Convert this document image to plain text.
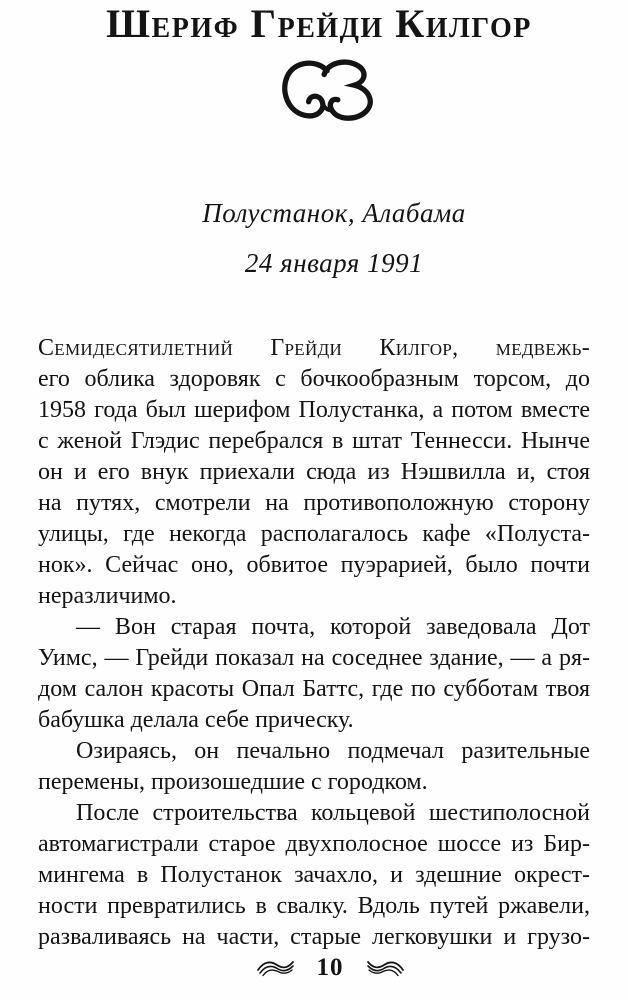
Шериф Грейди Килгор
Полустанок, Алабама
24 января 1991
Семидесятилетний Грейди Килгор, медвежь-
его облика здоровяк с бочкообразным торсом, до
1958 года был шерифом Полустанка, а потом вместе
с женой Глэдис перебрался в штат Теннесси. Нынче
он и его внук приехали сюда из Нэшвилла и, стоя
на путях, смотрели на противоположную сторону
улицы, где некогда располагалось кафе «Полуста-
нок». Сейчас оно, обвитое пуэрарией, было почти
неразличимо.
— Вон старая почта, которой заведовала Дот
Уимс, — Грейди показал на соседнее здание, — а ря-
дом салон красоты Опал Баттс, где по субботам твоя
бабушка делала себе прическу.
Озираясь, он печально подмечал разительные
перемены, произошедшие с городком.
После строительства кольцевой шестиполосной
автомагистрали старое двухполосное шоссе из Бир-
мингема в Полустанок зачахло, и здешние окрест-
ности превратились в свалку. Вдоль путей ржавели,
разваливаясь на части, старые легковушки и грузо-
10
